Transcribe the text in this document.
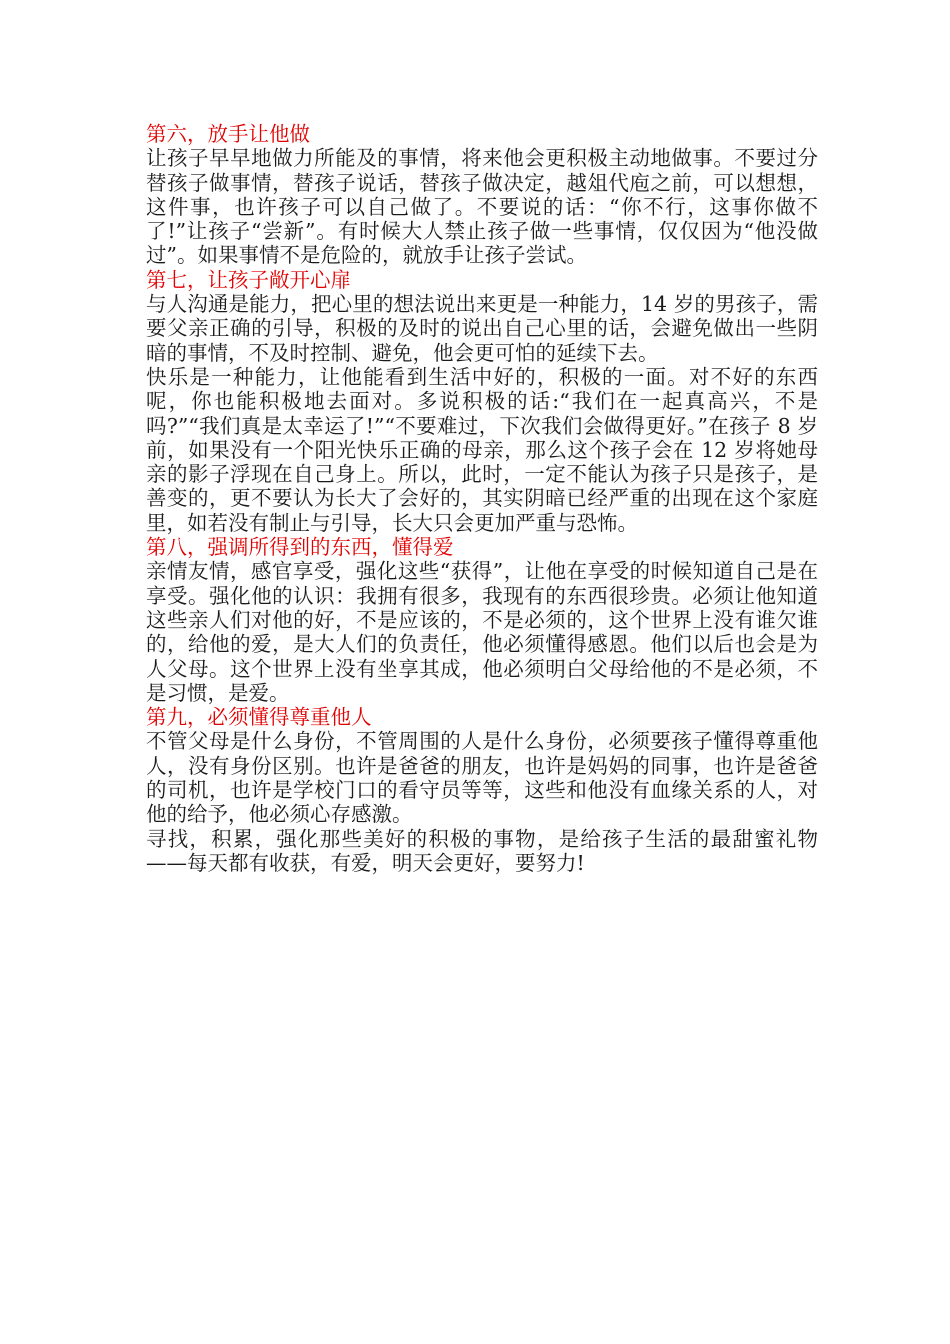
第六，放手让他做

让孩子早早地做力所能及的事情，将来他会更积极主动地做事。不要过分替孩子做事情，替孩子说话，替孩子做决定，越俎代庖之前，可以想想，这件事，也许孩子可以自己做了。不要说的话：“你不行，这事你做不了!”让孩子“尝新”。有时候大人禁止孩子做一些事情，仅仅因为“他没做过”。如果事情不是危险的，就放手让孩子尝试。

第七，让孩子敞开心扉

与人沟通是能力，把心里的想法说出来更是一种能力，14 岁的男孩子，需要父亲正确的引导，积极的及时的说出自己心里的话，会避免做出一些阴暗的事情，不及时控制、避免，他会更可怕的延续下去。

快乐是一种能力，让他能看到生活中好的，积极的一面。对不好的东西呢，你也能积极地去面对。多说积极的话:“我们在一起真高兴，不是吗?”“我们真是太幸运了!”“不要难过，下次我们会做得更好。”在孩子 8 岁前，如果没有一个阳光快乐正确的母亲，那么这个孩子会在 12 岁将她母亲的影子浮现在自己身上。所以，此时，一定不能认为孩子只是孩子，是善变的，更不要认为长大了会好的，其实阴暗已经严重的出现在这个家庭里，如若没有制止与引导，长大只会更加严重与恐怖。

第八，强调所得到的东西，懂得爱

亲情友情，感官享受，强化这些“获得”，让他在享受的时候知道自己是在享受。强化他的认识：我拥有很多，我现有的东西很珍贵。必须让他知道这些亲人们对他的好，不是应该的，不是必须的，这个世界上没有谁欠谁的，给他的爱，是大人们的负责任，他必须懂得感恩。他们以后也会是为人父母。这个世界上没有坐享其成，他必须明白父母给他的不是必须，不是习惯，是爱。

第九，必须懂得尊重他人

不管父母是什么身份，不管周围的人是什么身份，必须要孩子懂得尊重他人，没有身份区别。也许是爸爸的朋友，也许是妈妈的同事，也许是爸爸的司机，也许是学校门口的看守员等等，这些和他没有血缘关系的人，对他的给予，他必须心存感激。

寻找，积累，强化那些美好的积极的事物，是给孩子生活的最甜蜜礼物——每天都有收获，有爱，明天会更好，要努力!
